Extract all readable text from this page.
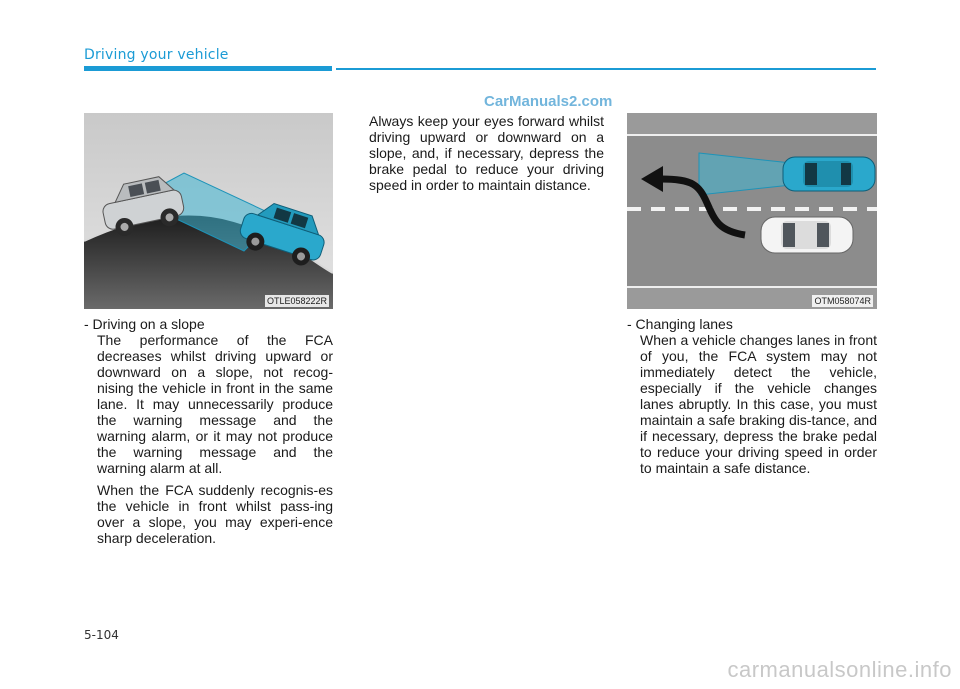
Driving your vehicle
CarManuals2.com
OTLE058222R	OTM058074R

- Driving on a slope

The performance of the FCA decreases whilst driving upward or downward on a slope, not recog-nising the vehicle in front in the same lane. It may unnecessarily produce the warning message and the warning alarm, or it may not produce the warning message and the warning alarm at all.

When the FCA suddenly recognis-es the vehicle in front whilst pass-ing over a slope, you may experi-ence sharp deceleration.

Always keep your eyes forward whilst driving upward or downward on a slope, and, if necessary, depress the brake pedal to reduce your driving speed in order to maintain distance.

- Changing lanes

When a vehicle changes lanes in front of you, the FCA system may not immediately detect the vehicle, especially if the vehicle changes lanes abruptly. In this case, you must maintain a safe braking dis-tance, and if necessary, depress the brake pedal to reduce your driving speed in order to maintain a safe distance.

5-104
carmanualsonline.info
